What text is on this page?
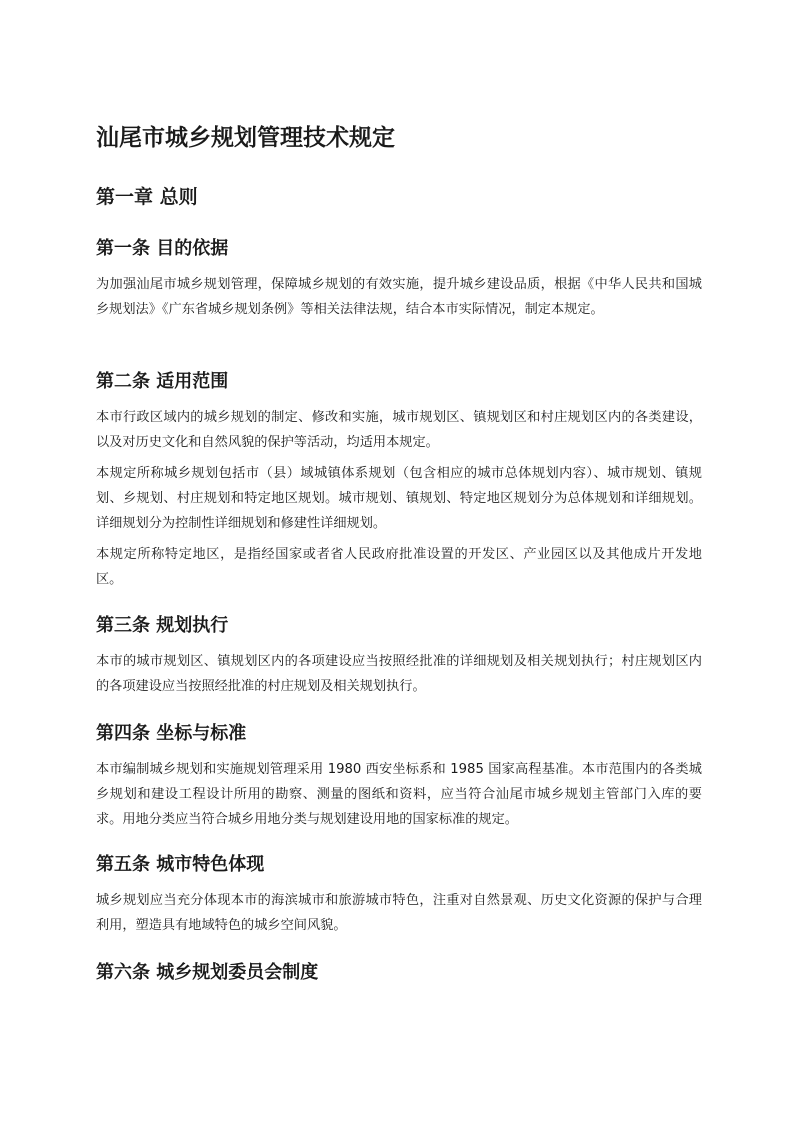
汕尾市城乡规划管理技术规定
第一章 总则
第一条 目的依据

为加强汕尾市城乡规划管理，保障城乡规划的有效实施，提升城乡建设品质，根据《中华人民共和国城乡规划法》《广东省城乡规划条例》等相关法律法规，结合本市实际情况，制定本规定。

第二条 适用范围

本市行政区域内的城乡规划的制定、修改和实施，城市规划区、镇规划区和村庄规划区内的各类建设，以及对历史文化和自然风貌的保护等活动，均适用本规定。

本规定所称城乡规划包括市（县）域城镇体系规划（包含相应的城市总体规划内容）、城市规划、镇规划、乡规划、村庄规划和特定地区规划。城市规划、镇规划、特定地区规划分为总体规划和详细规划。详细规划分为控制性详细规划和修建性详细规划。

本规定所称特定地区，是指经国家或者省人民政府批准设置的开发区、产业园区以及其他成片开发地区。

第三条 规划执行

本市的城市规划区、镇规划区内的各项建设应当按照经批准的详细规划及相关规划执行；村庄规划区内的各项建设应当按照经批准的村庄规划及相关规划执行。

第四条 坐标与标准

本市编制城乡规划和实施规划管理采用 1980 西安坐标系和 1985 国家高程基准。本市范围内的各类城乡规划和建设工程设计所用的勘察、测量的图纸和资料，应当符合汕尾市城乡规划主管部门入库的要求。用地分类应当符合城乡用地分类与规划建设用地的国家标准的规定。

第五条 城市特色体现

城乡规划应当充分体现本市的海滨城市和旅游城市特色，注重对自然景观、历史文化资源的保护与合理利用，塑造具有地域特色的城乡空间风貌。

第六条 城乡规划委员会制度
